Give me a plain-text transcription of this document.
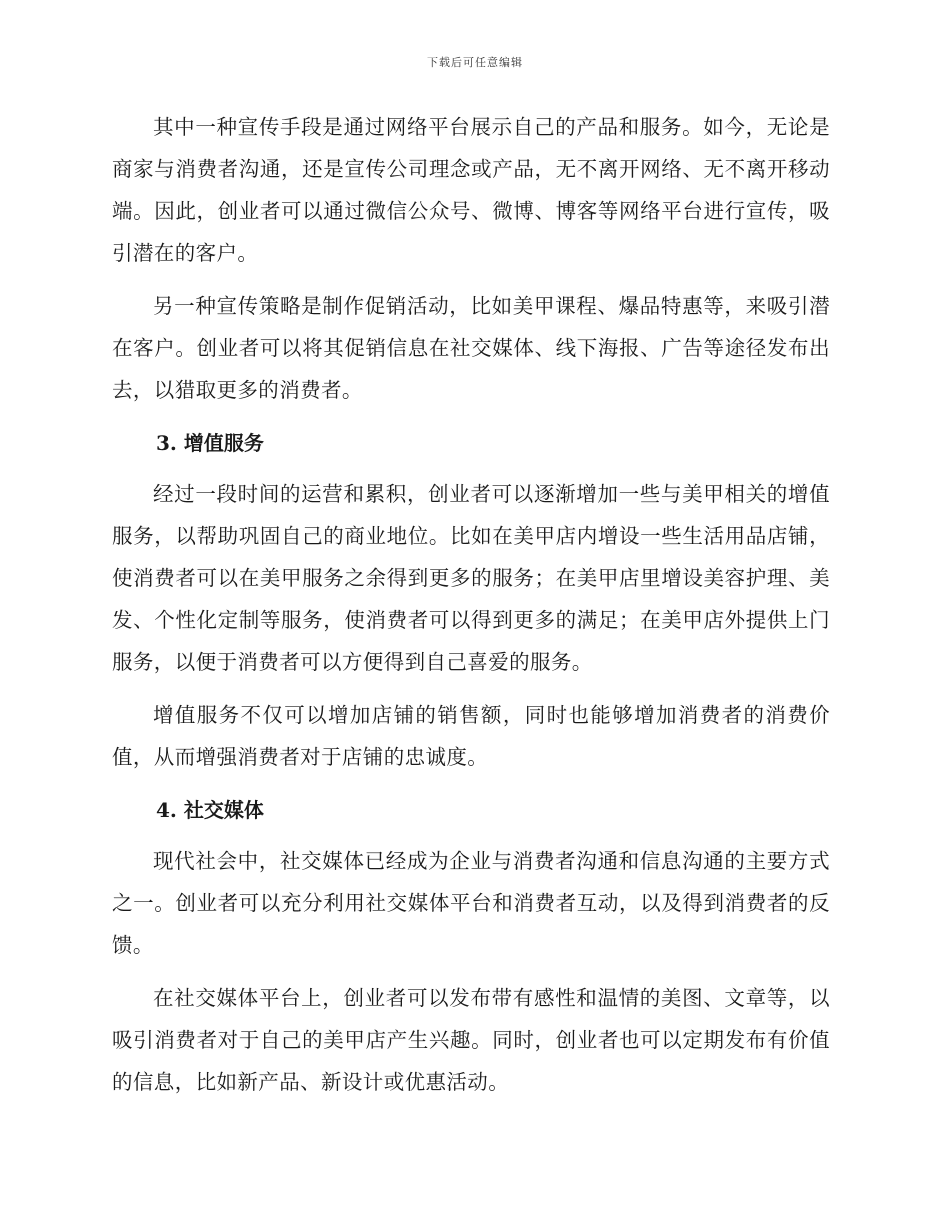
下载后可任意编辑

其中一种宣传手段是通过网络平台展示自己的产品和服务。如今，无论是商家与消费者沟通，还是宣传公司理念或产品，无不离开网络、无不离开移动端。因此，创业者可以通过微信公众号、微博、博客等网络平台进行宣传，吸引潜在的客户。

另一种宣传策略是制作促销活动，比如美甲课程、爆品特惠等，来吸引潜在客户。创业者可以将其促销信息在社交媒体、线下海报、广告等途径发布出去，以猎取更多的消费者。

3. 增值服务

经过一段时间的运营和累积，创业者可以逐渐增加一些与美甲相关的增值服务，以帮助巩固自己的商业地位。比如在美甲店内增设一些生活用品店铺，使消费者可以在美甲服务之余得到更多的服务；在美甲店里增设美容护理、美发、个性化定制等服务，使消费者可以得到更多的满足；在美甲店外提供上门服务，以便于消费者可以方便得到自己喜爱的服务。

增值服务不仅可以增加店铺的销售额，同时也能够增加消费者的消费价值，从而增强消费者对于店铺的忠诚度。

4. 社交媒体

现代社会中，社交媒体已经成为企业与消费者沟通和信息沟通的主要方式之一。创业者可以充分利用社交媒体平台和消费者互动，以及得到消费者的反馈。

在社交媒体平台上，创业者可以发布带有感性和温情的美图、文章等，以吸引消费者对于自己的美甲店产生兴趣。同时，创业者也可以定期发布有价值的信息，比如新产品、新设计或优惠活动。
